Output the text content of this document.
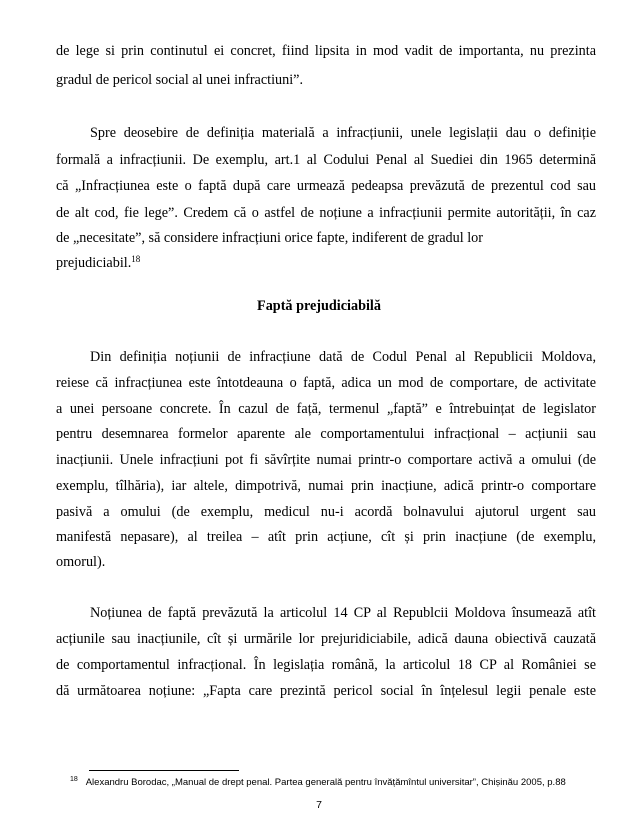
de lege si prin continutul ei concret, fiind lipsita in mod vadit de importanta, nu prezinta
gradul de pericol social al unei infractiuni”.
Spre deosebire de definiția materială a infracțiunii, unele legislații dau o definiție
formală a infracțiunii. De exemplu, art.1 al Codului Penal al Suediei din 1965 determină
că „Infracțiunea este o faptă după care urmează pedeapsa prevăzută de prezentul cod sau
de alt cod, fie lege”. Credem că o astfel de noțiune a infracțiunii permite autorității, în caz
de „necesitate”, să considere infracțiuni orice fapte, indiferent de gradul lor
prejudiciabil.$^{18}$
Faptă prejudiciabilă
Din definiția noțiunii de infracțiune dată de Codul Penal al Republicii Moldova,
reiese că infracțiunea este întotdeauna o faptă, adica un mod de comportare, de activitate
a unei persoane concrete. În cazul de față, termenul „faptă” e întrebuințat de legislator
pentru desemnarea formelor aparente ale comportamentului infracțional – acțiunii sau
inacțiunii. Unele infracțiuni pot fi săvîrțite numai printr-o comportare activă a omului (de
exemplu, tîlhăria), iar altele, dimpotrivă, numai prin inacțiune, adică printr-o comportare
pasivă a omului (de exemplu, medicul nu-i acordă bolnavului ajutorul urgent sau
manifestă nepasare), al treilea – atît prin acțiune, cît și prin inacțiune (de exemplu,
omorul).
Noțiunea de faptă prevăzută la articolul 14 CP al Republcii Moldova însumează atît
acțiunile sau inacțiunile, cît și urmările lor prejuridiciabile, adică dauna obiectivă cauzată
de comportamentul infracțional. În legislația română, la articolul 18 CP al României se
dă următoarea noțiune: „Fapta care prezintă pericol social în înțelesul legii penale este
$^{18}$ Alexandru Borodac, „Manual de drept penal. Partea generală pentru învățămîntul universitar”, Chișinău 2005, p.88
7
